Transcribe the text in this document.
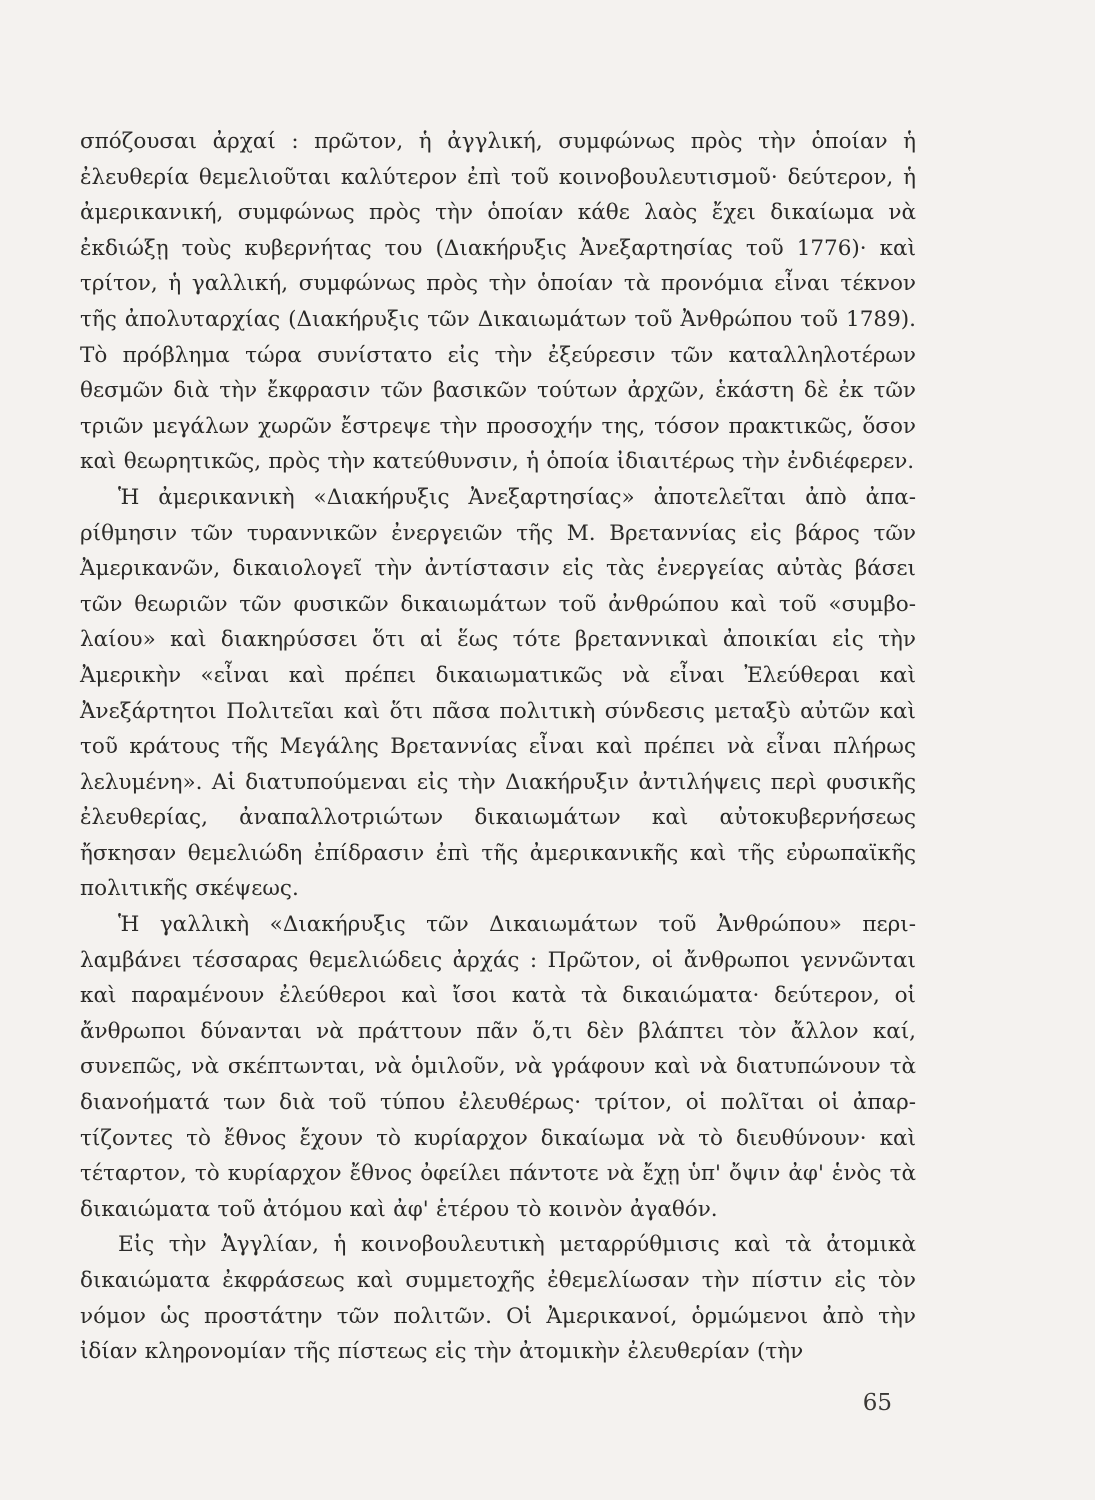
σπόζουσαι ἀρχαί : πρῶτον, ἡ ἀγγλική, συμφώνως πρὸς τὴν ὁποίαν ἡ ἐλευθερία θεμελιοῦται καλύτερον ἐπὶ τοῦ κοινοβουλευτισμοῦ· δεύτερον, ἡ ἀμερικανική, συμφώνως πρὸς τὴν ὁποίαν κάθε λαὸς ἔχει δικαίωμα νὰ ἐκδιώξῃ τοὺς κυβερνήτας του (Διακήρυξις Ἀνεξαρτησίας τοῦ 1776)· καὶ τρίτον, ἡ γαλλική, συμφώνως πρὸς τὴν ὁποίαν τὰ προνόμια εἶναι τέκνον τῆς ἀπολυταρχίας (Διακήρυξις τῶν Δικαιωμάτων τοῦ Ἀνθρώπου τοῦ 1789). Τὸ πρόβλημα τώρα συνίστατο εἰς τὴν ἐξεύρεσιν τῶν καταλληλοτέρων θεσμῶν διὰ τὴν ἔκφρασιν τῶν βασικῶν τούτων ἀρχῶν, ἑκάστη δὲ ἐκ τῶν τριῶν μεγάλων χωρῶν ἔστρεψε τὴν προσοχήν της, τόσον πρακτικῶς, ὅσον καὶ θεωρητικῶς, πρὸς τὴν κατεύθυνσιν, ἡ ὁποία ἰδιαιτέρως τὴν ἐνδιέφερεν.

Ἡ ἀμερικανικὴ «Διακήρυξις Ἀνεξαρτησίας» ἀποτελεῖται ἀπὸ ἀπαρίθμησιν τῶν τυραννικῶν ἐνεργειῶν τῆς Μ. Βρεταννίας εἰς βάρος τῶν Ἀμερικανῶν, δικαιολογεῖ τὴν ἀντίστασιν εἰς τὰς ἐνεργείας αὐτὰς βάσει τῶν θεωριῶν τῶν φυσικῶν δικαιωμάτων τοῦ ἀνθρώπου καὶ τοῦ «συμβολαίου» καὶ διακηρύσσει ὅτι αἱ ἕως τότε βρεταννικαὶ ἀποικίαι εἰς τὴν Ἀμερικὴν «εἶναι καὶ πρέπει δικαιωματικῶς νὰ εἶναι Ἐλεύθεραι καὶ Ἀνεξάρτητοι Πολιτεῖαι καὶ ὅτι πᾶσα πολιτικὴ σύνδεσις μεταξὺ αὐτῶν καὶ τοῦ κράτους τῆς Μεγάλης Βρεταννίας εἶναι καὶ πρέπει νὰ εἶναι πλήρως λελυμένη». Αἱ διατυπούμεναι εἰς τὴν Διακήρυξιν ἀντιλήψεις περὶ φυσικῆς ἐλευθερίας, ἀναπαλλοτριώτων δικαιωμάτων καὶ αὐτοκυβερνήσεως ἤσκησαν θεμελιώδη ἐπίδρασιν ἐπὶ τῆς ἀμερικανικῆς καὶ τῆς εὐρωπαϊκῆς πολιτικῆς σκέψεως.

Ἡ γαλλικὴ «Διακήρυξις τῶν Δικαιωμάτων τοῦ Ἀνθρώπου» περιλαμβάνει τέσσαρας θεμελιώδεις ἀρχάς : Πρῶτον, οἱ ἄνθρωποι γεννῶνται καὶ παραμένουν ἐλεύθεροι καὶ ἴσοι κατὰ τὰ δικαιώματα· δεύτερον, οἱ ἄνθρωποι δύνανται νὰ πράττουν πᾶν ὅ,τι δὲν βλάπτει τὸν ἄλλον καί, συνεπῶς, νὰ σκέπτωνται, νὰ ὁμιλοῦν, νὰ γράφουν καὶ νὰ διατυπώνουν τὰ διανοήματά των διὰ τοῦ τύπου ἐλευθέρως· τρίτον, οἱ πολῖται οἱ ἀπαρτίζοντες τὸ ἔθνος ἔχουν τὸ κυρίαρχον δικαίωμα νὰ τὸ διευθύνουν· καὶ τέταρτον, τὸ κυρίαρχον ἔθνος ὀφείλει πάντοτε νὰ ἔχῃ ὑπ' ὄψιν ἀφ' ἑνὸς τὰ δικαιώματα τοῦ ἀτόμου καὶ ἀφ' ἑτέρου τὸ κοινὸν ἀγαθόν.

Εἰς τὴν Ἀγγλίαν, ἡ κοινοβουλευτικὴ μεταρρύθμισις καὶ τὰ ἀτομικὰ δικαιώματα ἐκφράσεως καὶ συμμετοχῆς ἐθεμελίωσαν τὴν πίστιν εἰς τὸν νόμον ὡς προστάτην τῶν πολιτῶν. Οἱ Ἀμερικανοί, ὁρμώμενοι ἀπὸ τὴν ἰδίαν κληρονομίαν τῆς πίστεως εἰς τὴν ἀτομικὴν ἐλευθερίαν (τὴν

65
